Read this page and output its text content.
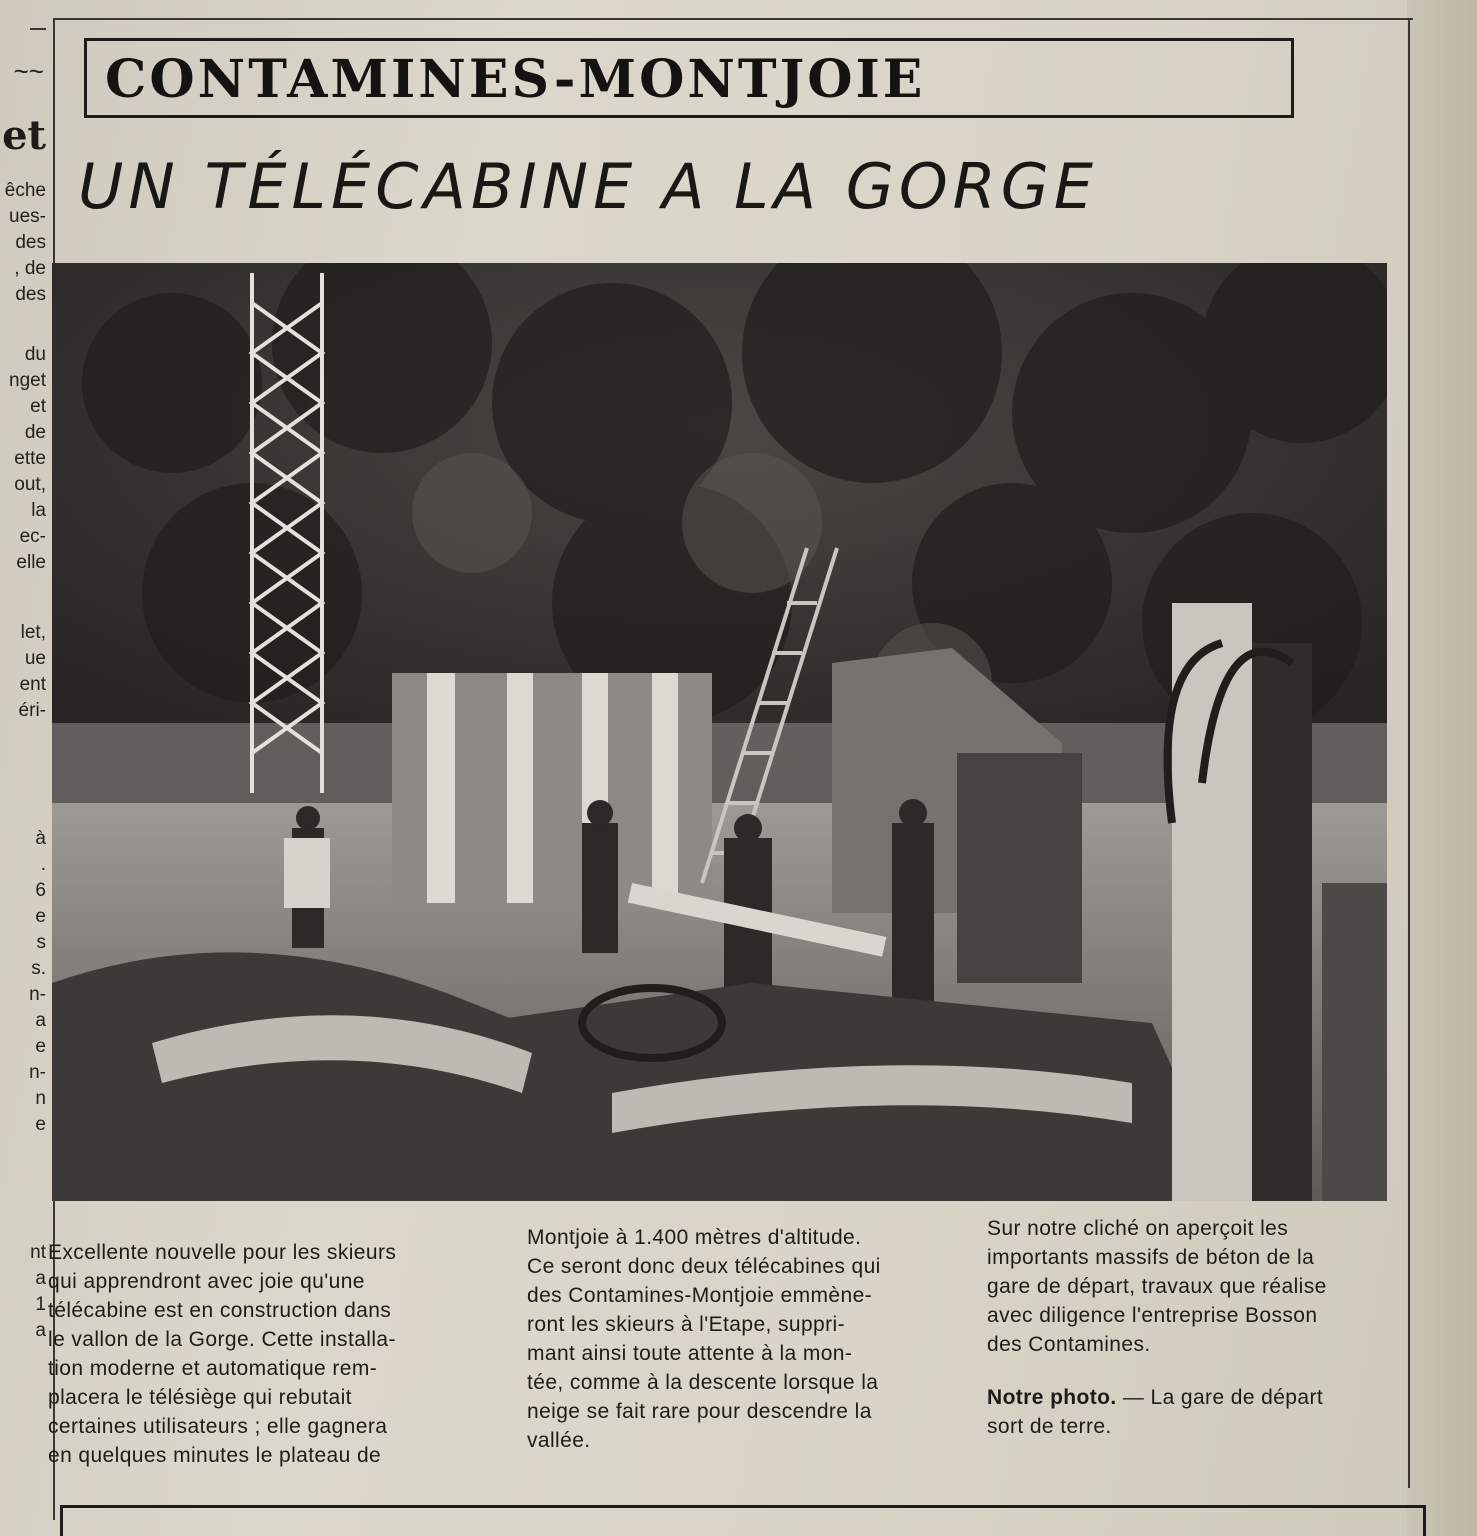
~~
et
êche
ues-
des
, de
des
du
nget
et
de
ette
out,
la
ec-
elle
let,
ue
ent
éri-
à
.
6
e
s
s.
n-
a
e
n-
n
e
nt
a
1
a
CONTAMINES-MONTJOIE
UN TÉLÉCABINE A LA GORGE
Excellente nouvelle pour les skieurs
qui apprendront avec joie qu'une
télécabine est en construction dans
le vallon de la Gorge. Cette installa-
tion moderne et automatique rem-
placera le télésiège qui rebutait
certaines utilisateurs ; elle gagnera
en quelques minutes le plateau de
Montjoie à 1.400 mètres d'altitude.
Ce seront donc deux télécabines qui
des Contamines-Montjoie emmène-
ront les skieurs à l'Etape, suppri-
mant ainsi toute attente à la mon-
tée, comme à la descente lorsque la
neige se fait rare pour descendre la
vallée.
Sur notre cliché on aperçoit les
importants massifs de béton de la
gare de départ, travaux que réalise
avec diligence l'entreprise Bosson
des Contamines.
Notre photo. — La gare de départ
sort de terre.
